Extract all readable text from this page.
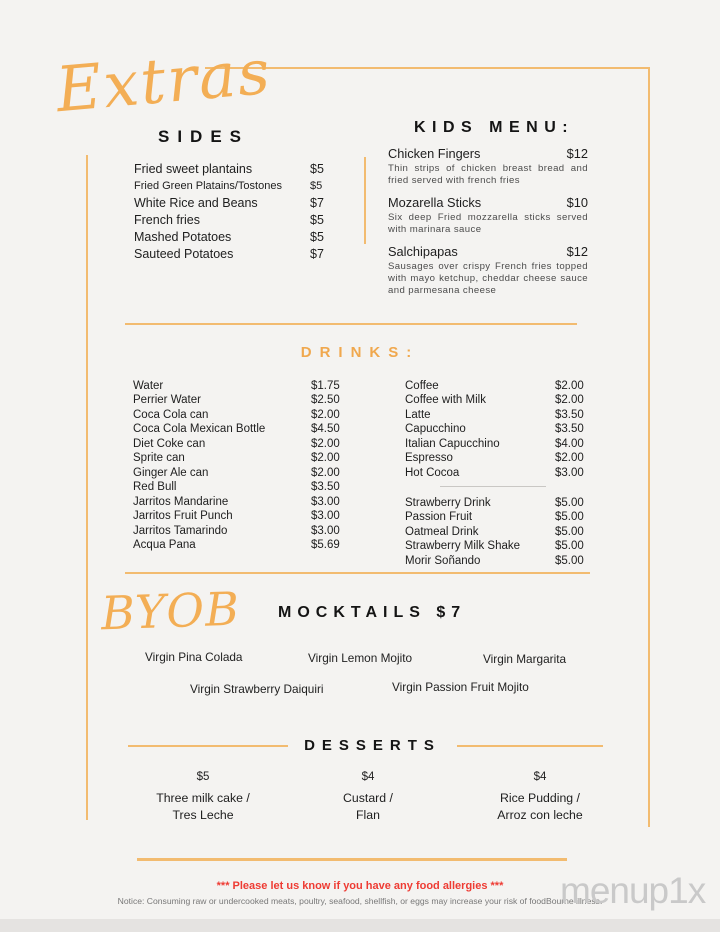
Extras
SIDES
Fried sweet plantains	$5
Fried Green Platains/Tostones	$5
White Rice and Beans	$7
French fries	$5
Mashed Potatoes	$5
Sauteed Potatoes	$7
KIDS MENU:
Chicken Fingers	$12
Thin strips of chicken breast bread and fried served with french fries
Mozarella Sticks	$10
Six deep Fried mozzarella sticks served with marinara sauce
Salchipapas	$12
Sausages over crispy French fries topped with mayo ketchup, cheddar cheese sauce and parmesana cheese
DRINKS:
Water	$1.75
Perrier Water	$2.50
Coca Cola can	$2.00
Coca Cola Mexican Bottle	$4.50
Diet Coke can	$2.00
Sprite can	$2.00
Ginger Ale can	$2.00
Red Bull	$3.50
Jarritos Mandarine	$3.00
Jarritos Fruit Punch	$3.00
Jarritos Tamarindo	$3.00
Acqua Pana	$5.69
Coffee	$2.00
Coffee with Milk	$2.00
Latte	$3.50
Capucchino	$3.50
Italian Capucchino	$4.00
Espresso	$2.00
Hot Cocoa	$3.00
Strawberry Drink	$5.00
Passion Fruit	$5.00
Oatmeal Drink	$5.00
Strawberry Milk Shake	$5.00
Morir Soñando	$5.00
BYOB MOCKTAILS $7
Virgin Pina Colada	Virgin Lemon Mojito	Virgin Margarita
Virgin Strawberry Daiquiri	Virgin Passion Fruit Mojito
DESSERTS
$5
Three milk cake /
Tres Leche
$4
Custard /
Flan
$4
Rice Pudding /
Arroz con leche
*** Please let us know if you have any food allergies ***
Notice: Consuming raw or undercooked meats, poultry, seafood, shellfish, or eggs may increase your risk of foodBourne illness.
menup1x
